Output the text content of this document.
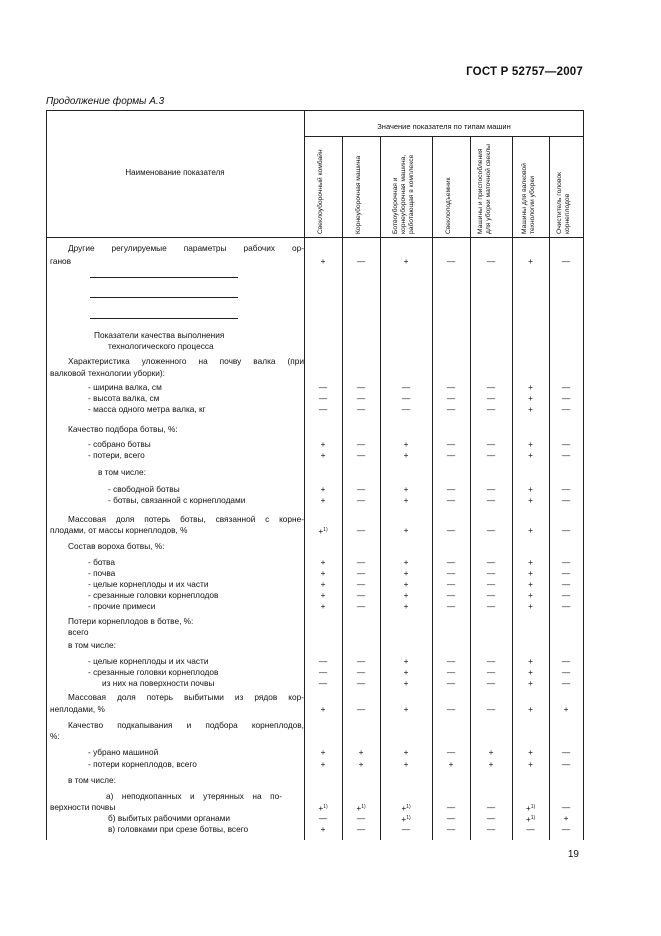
ГОСТ Р 52757—2007
Продолжение формы А.3
Наименование показателя
Значение показателя по типам машин
Свеклоуборочный комбайн	Корнеуборочная машина	Ботвоуборочная и корнеуборочная машина, работающая в комплексе	Свеклоподъемник	Машины и приспособления для уборки маточной свеклы	Машины для валковой технологии уборки	Очиститель головок корнеплодов
Другие регулируемые параметры рабочих ор-
ганов	+	—	+	—	—	+	—
Показатели качества выполнения
технологического процесса
Характеристика уложенного на почву валка (при
валковой технологии уборки):
- ширина валка, см	—	—	—	—	—	+	—
- высота валка, см	—	—	—	—	—	+	—
- масса одного метра валка, кг	—	—	—	—	—	+	—
Качество подбора ботвы, %:
- собрано ботвы	+	—	+	—	—	+	—
- потери, всего	+	—	+	—	—	+	—
в том числе:
- свободной ботвы	+	—	+	—	—	+	—
- ботвы, связанной с корнеплодами	+	—	+	—	—	+	—
Массовая доля потерь ботвы, связанной с корне-
плодами, от массы корнеплодов, %	+$^{1)}$	—	+	—	—	+	—
Состав вороха ботвы, %:
- ботва	+	—	+	—	—	+	—
- почва	+	—	+	—	—	+	—
- целые корнеплоды и их части	+	—	+	—	—	+	—
- срезанные головки корнеплодов	+	—	+	—	—	+	—
- прочие примеси	+	—	+	—	—	+	—
Потери корнеплодов в ботве, %:
всего
в том числе:
- целые корнеплоды и их части	—	—	+	—	—	+	—
- срезанные головки корнеплодов	—	—	+	—	—	+	—
из них на поверхности почвы	—	—	+	—	—	+	—
Массовая доля потерь выбитыми из рядов кор-
неплодами, %	+	—	+	—	—	+	+
Качество подкапывания и подбора корнеплодов,
%:
- убрано машиной	+	+	+	—	+	+	—
- потери корнеплодов, всего	+	+	+	+	+	+	—
в том числе:
а) неподкопанных и утерянных на по-
верхности почвы	+$^{1)}$	+$^{1)}$	+$^{1)}$	—	—	+$^{1)}$	—
б) выбитых рабочими органами	—	—	+$^{1)}$	—	—	+$^{1)}$	+
в) головками при срезе ботвы, всего	+	—	—	—	—	—	—
19
